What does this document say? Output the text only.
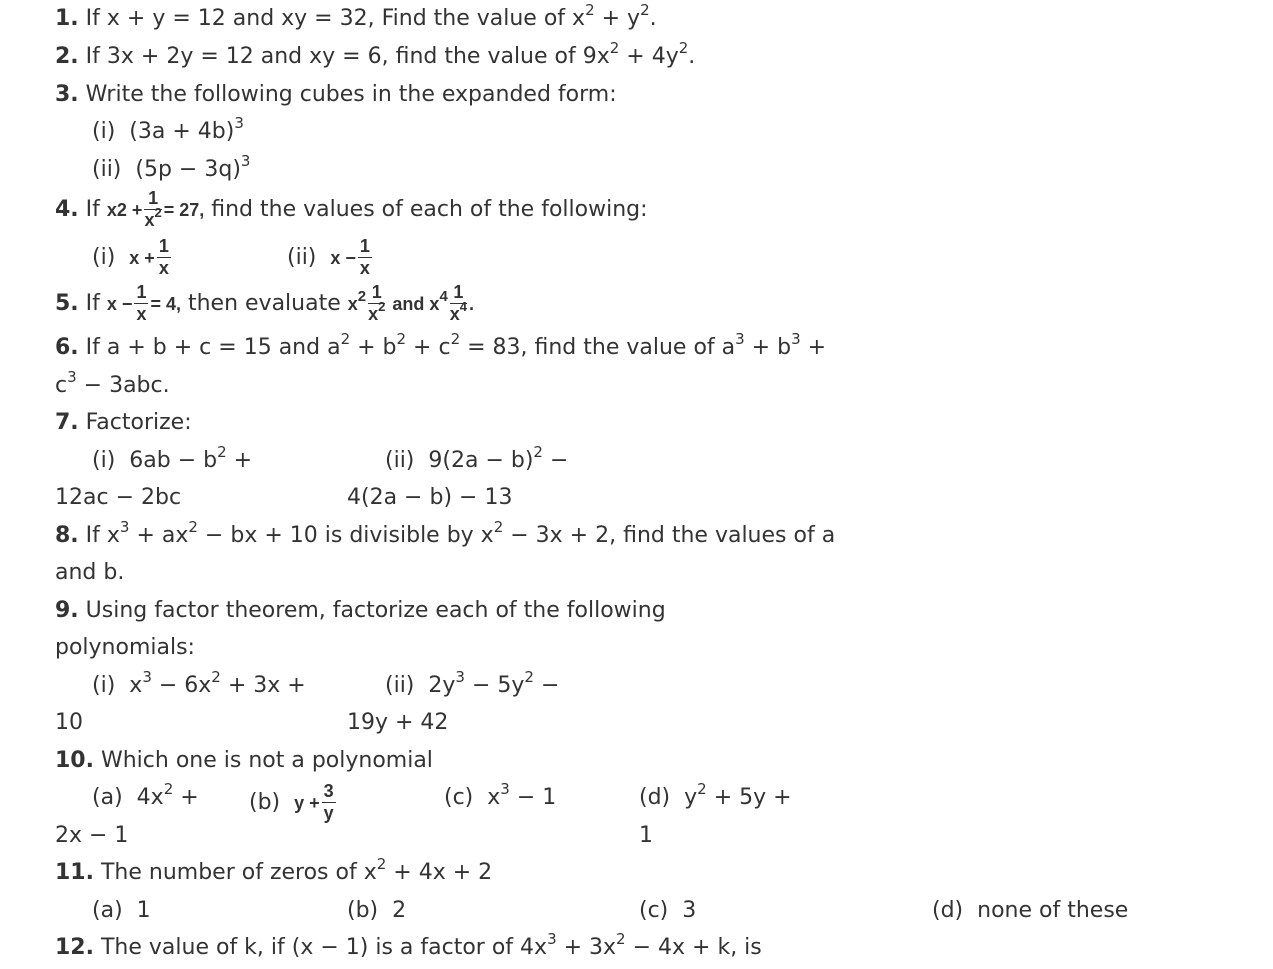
1. If x + y = 12 and xy = 32, Find the value of $x^2 + y^2$.
2. If 3x + 2y = 12 and xy = 6, find the value of $9x^2 + 4y^2$.
3. Write the following cubes in the expanded form:
(i) $(3a + 4b)^3$
(ii) $(5p - 3q)^3$
4. If $x2 + \frac{1}{x^2} = 27$, find the values of each of the following:
(i) $x + \frac{1}{x}$	(ii) $x - \frac{1}{x}$
5. If $x - \frac{1}{x} = 4$, then evaluate $x^2 \frac{1}{x^2}$ and $x^4 \frac{1}{x^4}$ .
6. If a + b + c = 15 and $a^2 + b^2 + c^2 = 83$, find the value of $a^3 + b^3$ +
$c^3 - 3abc$.
7. Factorize:
(i) $6ab - b^2$ +	(ii) $9(2a - b)^2$ −
12ac − 2bc	4(2a − b) − 13
8. If $x^3 + ax^2$ − bx + 10 is divisible by $x^2 - 3x + 2$, find the values of a
and b.
9. Using factor theorem, factorize each of the following
polynomials:
(i) $x^3 - 6x^2 + 3x$ +	(ii) $2y^3 - 5y^2$ −
10	19y + 42
10. Which one is not a polynomial
(a) $4x^2 + (b) y + \frac{3}{y}$	(c) $x^3 - 1$	(d) $y^2 + 5y$ +
2x − 1	1
11. The number of zeros of $x^2 + 4x + 2$
(a) 1	(b) 2	(c) 3	(d) none of these
12. The value of k, if (x − 1) is a factor of $4x^3 + 3x^2 - 4x + k$, is
